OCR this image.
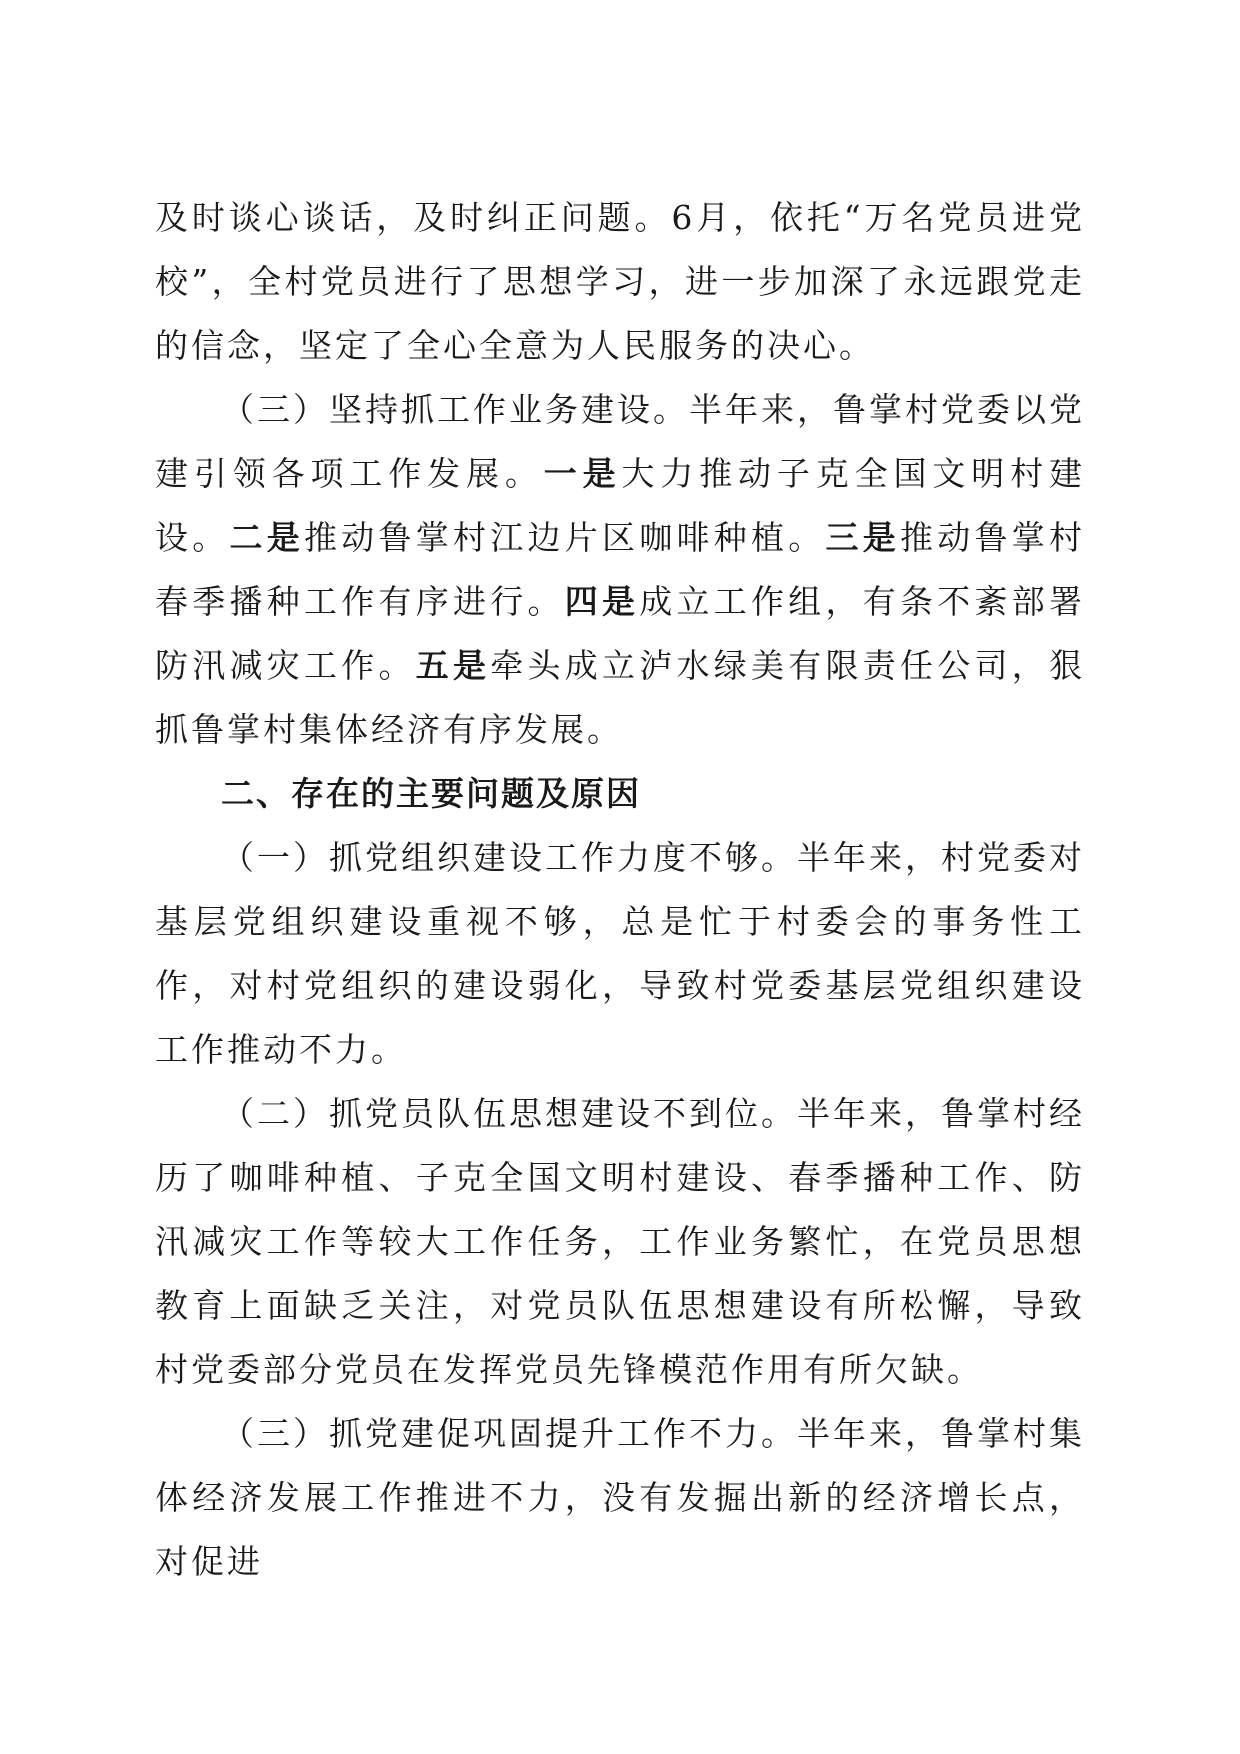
及时谈心谈话，及时纠正问题。6月，依托“万名党员进党校”，全村党员进行了思想学习，进一步加深了永远跟党走的信念，坚定了全心全意为人民服务的决心。

（三）坚持抓工作业务建设。半年来，鲁掌村党委以党建引领各项工作发展。一是大力推动子克全国文明村建设。二是推动鲁掌村江边片区咖啡种植。三是推动鲁掌村春季播种工作有序进行。四是成立工作组，有条不紊部署防汛减灾工作。五是牵头成立泸水绿美有限责任公司，狠抓鲁掌村集体经济有序发展。

二、存在的主要问题及原因

（一）抓党组织建设工作力度不够。半年来，村党委对基层党组织建设重视不够，总是忙于村委会的事务性工作，对村党组织的建设弱化，导致村党委基层党组织建设工作推动不力。

（二）抓党员队伍思想建设不到位。半年来，鲁掌村经历了咖啡种植、子克全国文明村建设、春季播种工作、防汛减灾工作等较大工作任务，工作业务繁忙，在党员思想教育上面缺乏关注，对党员队伍思想建设有所松懈，导致村党委部分党员在发挥党员先锋模范作用有所欠缺。

（三）抓党建促巩固提升工作不力。半年来，鲁掌村集体经济发展工作推进不力，没有发掘出新的经济增长点，对促进
